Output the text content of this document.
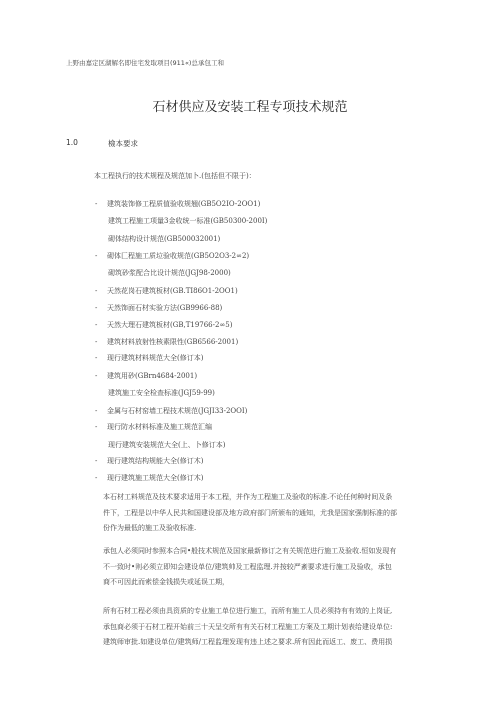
上野由嘉定区湖解名即住宅发取项目(911«)总承包工和
石材供应及安装工程专项技术规范
1.0	檢本要求
本工程执行的技术规程及规范加卜.(包括但不限于)：
- 建筑装饰修工程质值验收规翘(GB5O2IO-2OO1)
建筑工程施工项量3金收统一标准(GB50300-200I)
砌体结构设计规范(GB500032001)
- 砌体匚程施工质垃验收规范(GB5O2O3-2∞2)
砌筑砂浆配合比设计规范(JGJ98-2000)
- 天然花岗石建筑板材(GB.TI86O1-2OO1)
- 天然饰面石材实验方法(GB9966-88)
- 天然大理石建筑板材(GB,T19766-2∞5)
- 建筑材料放射性核素限性(GB6566-2001)
- 现行建筑材料规范大全(修订本)
- 建筑用砂(GBrn4684-2001)
建筑施工安全检查标准(JGJ59-99)
- 金属与石材窑墙工程技术规范(JGJI33-2OOI)
- 现行防水材料标准及施工规范汇编
现行建筑安装规范大全(上、卜修订本)
- 现行建筑结构规能大全(修订木)
- 现行建筑施工规范大全(修订木)
本石材工料规范及技术要求适用于本工程，并作为工程施工及验收的标准.不论任何种时间及条
件下，工程是以中华人民共和国建设部及地方政府部门所颁布的通知，尤我是国家强制标准的部
份作为最低的施工及验收标准.
承包人必须同时参照本合同•般技术规范及国家最新修订之有关规范进行施工及验收.恒如发现有
不一致时•则必须立即知会建设单位/建筑帅及工程监理.并按较严紊要求进行施工及验收，承包
商不可因此而索偿金钱损失或延误工期，
所有石材工程必须由具资质的专业施工单位进行施工，而所有施工人员必须持有有效的上岗证,
承包商必须于石材工程开始前三十天呈交所有有关石材工程施工方案及工期计划表给建设单位:
建筑师审批.如建设单位/建筑师/工程监理发现有违上述之要求.所有因此而返工、废工、费用损
